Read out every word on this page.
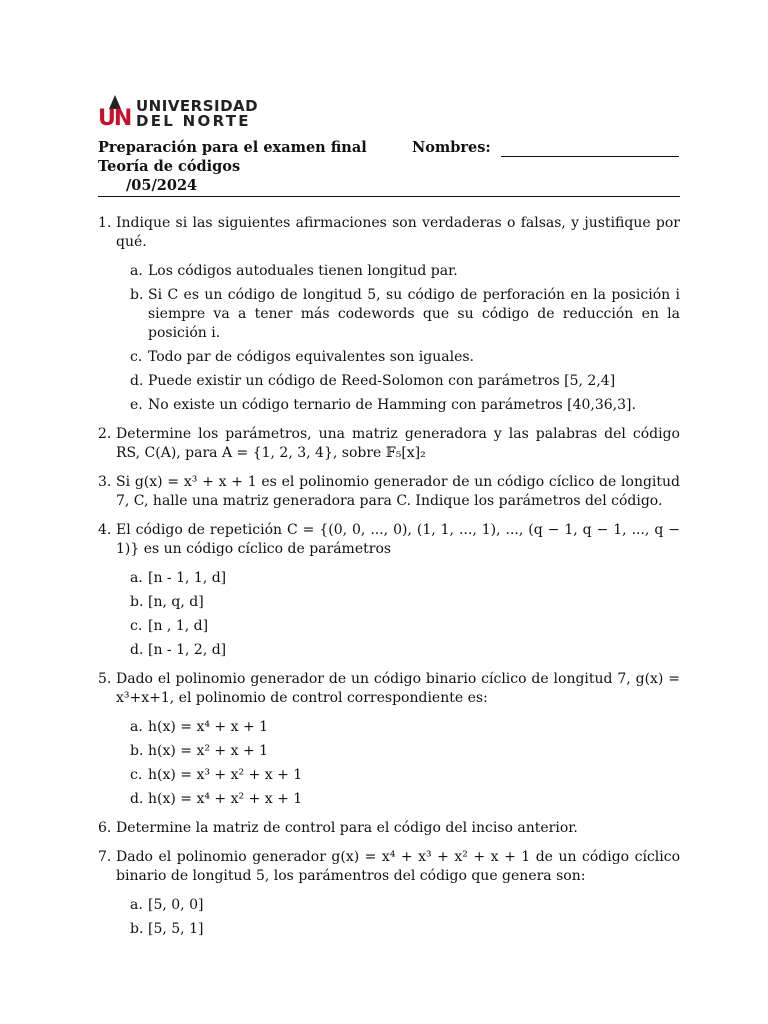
UN UNIVERSIDAD
DEL NORTE
Preparación para el examen final
Teoría de códigos
/05/2024
Nombres:
1. Indique si las siguientes afirmaciones son verdaderas o falsas, y justifique por qué.
a. Los códigos autoduales tienen longitud par.
b. Si C es un código de longitud 5, su código de perforación en la posición i siempre va a tener más codewords que su código de reducción en la posición i.
c. Todo par de códigos equivalentes son iguales.
d. Puede existir un código de Reed-Solomon con parámetros [5, 2,4]
e. No existe un código ternario de Hamming con parámetros [40,36,3].
2. Determine los parámetros, una matriz generadora y las palabras del código RS, C(A), para A = {1, 2, 3, 4}, sobre 𝔽₅[x]₂
3. Si g(x) = x³ + x + 1 es el polinomio generador de un código cíclico de longitud 7, C, halle una matriz generadora para C. Indique los parámetros del código.
4. El código de repetición C = {(0, 0, ..., 0), (1, 1, ..., 1), ..., (q − 1, q − 1, ..., q − 1)} es un código cíclico de parámetros
a. [n - 1, 1, d]
b. [n, q, d]
c. [n , 1, d]
d. [n - 1, 2, d]
5. Dado el polinomio generador de un código binario cíclico de longitud 7, g(x) = x³+x+1, el polinomio de control correspondiente es:
a. h(x) = x⁴ + x + 1
b. h(x) = x² + x + 1
c. h(x) = x³ + x² + x + 1
d. h(x) = x⁴ + x² + x + 1
6. Determine la matriz de control para el código del inciso anterior.
7. Dado el polinomio generador g(x) = x⁴ + x³ + x² + x + 1 de un código cíclico binario de longitud 5, los parámentros del código que genera son:
a. [5, 0, 0]
b. [5, 5, 1]
